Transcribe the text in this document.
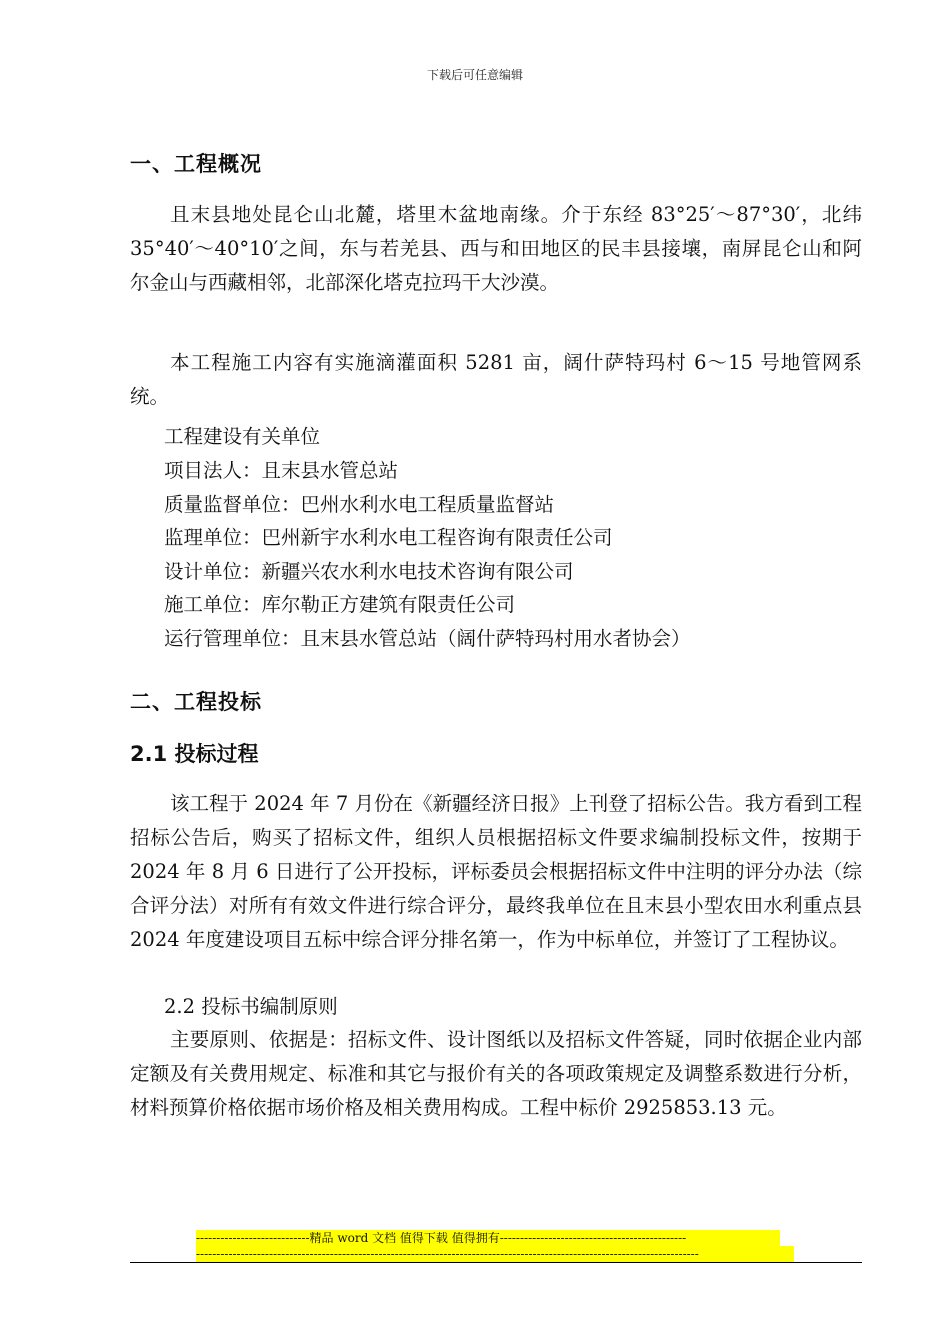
下载后可任意编辑
一、工程概况

且末县地处昆仑山北麓，塔里木盆地南缘。介于东经 83°25′～87°30′，北纬 35°40′～40°10′之间，东与若羌县、西与和田地区的民丰县接壤，南屏昆仑山和阿尔金山与西藏相邻，北部深化塔克拉玛干大沙漠。

本工程施工内容有实施滴灌面积 5281 亩，阔什萨特玛村 6～15 号地管网系统。

工程建设有关单位
项目法人：且末县水管总站
质量监督单位：巴州水利水电工程质量监督站
监理单位：巴州新宇水利水电工程咨询有限责任公司
设计单位：新疆兴农水利水电技术咨询有限公司
施工单位：库尔勒正方建筑有限责任公司
运行管理单位：且末县水管总站（阔什萨特玛村用水者协会）
二、工程投标
2.1 投标过程

该工程于 2024 年 7 月份在《新疆经济日报》上刊登了招标公告。我方看到工程招标公告后，购买了招标文件，组织人员根据招标文件要求编制投标文件，按期于 2024 年 8 月 6 日进行了公开投标，评标委员会根据招标文件中注明的评分办法（综合评分法）对所有有效文件进行综合评分，最终我单位在且末县小型农田水利重点县 2024 年度建设项目五标中综合评分排名第一，作为中标单位，并签订了工程协议。

2.2 投标书编制原则

主要原则、依据是：招标文件、设计图纸以及招标文件答疑，同时依据企业内部定额及有关费用规定、标准和其它与报价有关的各项政策规定及调整系数进行分析，材料预算价格依据市场价格及相关费用构成。工程中标价 2925853.13 元。

----------------------------精品 word 文档 值得下载 值得拥有----------------------------------------------
----------------------------------------------------------------------------------------------------------------------------
